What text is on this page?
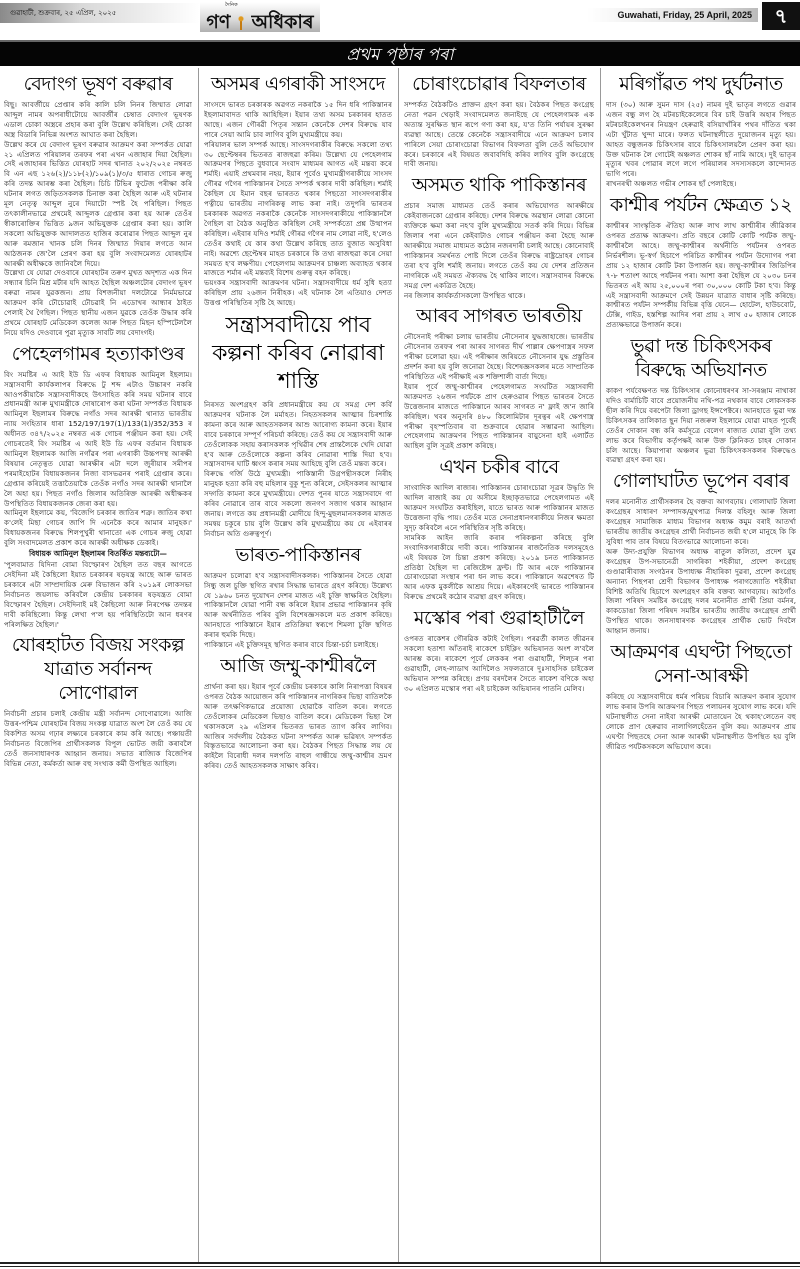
গুৱাহাটী, শুক্ৰবাৰ, ২৫ এপ্ৰিল, ২০২৫
দৈনিক
গণ অধিকাৰ	Guwahati, Friday, 25 April, 2025	৭
প্ৰথম পৃষ্ঠাৰ পৰা
বেদাংগ ভূষণ বৰুৱাৰ

বিছু। আবৰ্জীয়ে প্ৰেপ্তাৰ কৰি কালি চলি নিনৰ জিম্মাত লোৱা আব্দুল নামৰ অপৰাধীটোয়ে আবৰ্জীৰ চেম্বাত বেদাংগ ভূষণক এডাল চোকা অস্ত্ৰৰে প্ৰহাৰ কৰা বুলি উল্লেখ কৰিছিল। সেই চোকা অস্ত্ৰ বিডাৰি নিভিন্ন অংশত আঘাত কৰা হৈছিল।

উল্লেখ কৰে যে বেদাংগ ভূষণ বৰুৱাৰ আক্ৰমণ কৰা সম্পৰ্কত যোৱা ২১ এপ্ৰিলত পৰিয়ালৰ তৰফৰ পৰা এখন এজাহাৰ দিয়া হৈছিল। সেই এজাহাৰৰ ভিত্তিত যোৰহাট সদৰ থানাত ২০২/২০২৫ নম্বৰত বি এন এছ ১২৬(২)/১১৮(২)/১০৯(১)/৩/৫ ধাৰাত গোচৰ ৰুজু কৰি তদন্ত আৰম্ভ কৰা হৈছিল। চিচি টিভিৰ ফুটেজ পৰীক্ষা কৰি ঘটনাৰ লগত জড়িতসকলক চিনাক্ত কৰা হৈছিল আৰু এই ঘটনাৰ মূল নেতৃত্ব আব্দুল নুৰে দিয়াটো স্পষ্ট হৈ পৰিছিল। পিছত তৎকালীনভাৱে প্ৰথমেই আব্দুলক গ্ৰেপ্তাৰ কৰা হয় আৰু তেওঁৰ স্বীকাৰোক্তিৰ ভিত্তিত ৯জন অভিযুক্তক গ্ৰেপ্তাৰ কৰা হয়। কালি সকলো অভিযুক্তক আদালতত হাজিৰ কৰোৱাৰ পিছত আব্দুল নুৰ আৰু ৰমজান খানক চলি দিনৰ জিম্মাত দিয়াৰ লগতে আন আঠজনক জে'লৈ প্ৰেৰণ কৰা হয় বুলি সংবাদমেলত যোৰহাটৰ আৰক্ষী অধীক্ষকে জানিবলৈ দিয়ে।

উল্লেখ্য যে যোৱা দেওবাৰে যোৰহাটৰ তৰুণ মুখত অদৃশ্যত এক দিন সন্ধ্যাৰ চিনি মিশ্ৰ মৰ্টাৰ যদি আহত হৈছিল অঞ্চলটোৰ বেদাংগ ভূষণ বৰুৱা নামৰ যুৱকজন। প্ৰায় বিশজনীয়া দলটোৱে নিৰ্মমভাৱে আক্ৰমণ কৰি ঢৌচোৱাই ঢৌচৱাই নি এডোখৰ আন্ধাৰ ঠাইত পেলাই থৈ গৈছিল। পিছত স্থানীয় এজন যুৱকে তেওঁক উদ্ধাৰ কৰি প্ৰথমে যোৰহাট মেডিকেল কলেজ আৰু পিছত মিছন হস্পিটেললৈ নিয়ে যদিও দেওবাৰে পুৱা মৃত্যুক সাবটি লয় বেদাংগই।

পেহেলগামৰ হত্যাকাণ্ডৰ

বিং সমষ্টিৰ এ আই ইউ ডি এফৰ বিধায়ক আমিনুল ইছলাম। সন্ত্ৰাসবাদী কাৰ্যকলাপৰ বিৰুদ্ধে টু শব্দ এটাও উচ্চাৰণ নকৰি আওপকীয়াকৈ সন্ত্ৰাসবাদীকহে উৎসাহিত কৰি সময় ঘটনাৰ বাবে প্ৰধানমন্ত্ৰী আৰু মুখ্যমন্ত্ৰীকে দোষাৰোপ কৰা ঘটনা সম্পৰ্কত বিধায়ক আমিনুল ইছলামৰ বিৰুদ্ধে নগাঁও সদৰ আৰক্ষী থানাত ভাৰতীয় ন্যায় সংহিতাৰ ধাৰা 152/197/197(1)/133(1)/352/353 ৰ অধীনত ৩৪৭/২০২৫ নম্বৰত এক গোচৰ পঞ্জীয়ন কৰা হয়। সেই গোচৰতেই বিং সমষ্টিৰ এ আই ইউ ডি এফৰ বৰ্তমান বিধায়ক আমিনুল ইছলামক আজি নগাঁৱৰ পৰা এগৰাকী উচ্চপদস্থ আৰক্ষী বিষয়াৰ নেতৃত্বত যোৱা আৰক্ষীৰ এটা দলে জুৰীয়াৰ সমীপৰ পৰমাইহোটৰ বিধায়কজনৰ নিজা বাসভৱনৰ পৰাই গ্ৰেপ্তাৰ কৰে। গ্ৰেপ্তাৰ কৰিয়েই তত্তাতৈয়াকৈ তেওঁক নগাঁও সদৰ আৰক্ষী থানালৈ লৈ অহা হয়। পিছত নগাঁও জিলাৰ অতিৰিক্ত আৰক্ষী অধীক্ষকৰ উপস্থিতিত বিধায়কজনক জেৰা কৰা হয়।

আমিনুল ইছলামে কয়, 'বিজেপি চৰকাৰ জাতিৰ শত্ৰু। জাতিৰ কথা ক'লেই মিছা গোচৰ জাপি দি এনেকৈ কৰে আমাৰ মানুহক।' বিধায়কজনৰ বিৰুদ্ধে শিলপুখুৰী থানাতো এক গোচৰ ৰুজু হোৱা বুলি সংবাদমেলত প্ৰকাশ কৰে আৰক্ষী অধীক্ষক ডেকাই।

বিধায়ক আমিনুল ইছলামৰ বিতৰ্কিত মন্তব্যটো—

'পুলবামাত যিদিনা বোমা বিস্ফোৰণ হৈছিল তত বছৰ আগতে সেইদিনা মই কৈছিলো ইয়াত চৰকাৰৰ ষড়যন্ত্ৰ আছে আৰু ভাৰত চৰকাৰে এটা সাম্প্ৰদায়িক মেৰু বিভাজন কৰি ২০১৯ৰ লোকসভা নিৰ্বাচনত জয়লাভ কৰিবলৈ কেন্দ্ৰীয় চৰকাৰৰ ষড়যন্ত্ৰত বোমা বিস্ফোৰণ হৈছিল। সেইদিনাই মই কৈছিলো আৰু নিৰপেক্ষ তদন্তৰ দাবী কৰিছিলো। কিন্তু লেখা প'ল হয় পৰিস্থিতিটো আন ধৰণৰ পৰিলক্ষিত হৈছিল।'

যোৰহাটত বিজয় সংকল্প যাত্ৰাত সৰ্বানন্দ সোণোৱাল

নিৰ্বাচনী প্ৰচাৰ চলাই কেন্দ্ৰীয় মন্ত্ৰী সৰ্বানন্দ সোণোৱালে। আজি উত্তৰ-পশ্চিম যোৰহাটৰ বিজয় সংকল্প যাত্ৰাত অংশ লৈ তেওঁ কয় যে বিকশিত অসম গঢ়াৰ লক্ষ্যৰে চৰকাৰে কাম কৰি আছে। পঞ্চায়তী নিৰ্বাচনত বিজেপিৰ প্ৰাৰ্থীসকলক বিপুল ভোটত জয়ী কৰাবলৈ তেওঁ জনসাধাৰণক আহ্বান জনায়। সভাত ৰাজ্যিক বিজেপিৰ বিভিন্ন নেতা, কৰ্মকৰ্তা আৰু বহু সংখ্যক কৰ্মী উপস্থিত আছিল।

অসমৰ এগৰাকী সাংসদে

সাংসদে ভাৰত চৰকাৰক অৱগত নকৰাকৈ ১৫ দিন ধৰি পাকিস্তানৰ ইছলামাবাদত থাকি আহিছিল। ইয়াৰ তথ্য অসম চৰকাৰৰ হাতত আছে। এজন গৌৰৱী পিতৃৰ সন্তান কেনেকৈ দেশৰ বিৰুদ্ধে যাব পাৰে সেয়া আমি চাব লাগিব বুলি মুখ্যমন্ত্ৰীয়ে কয়।

পৰিয়ালৰ ভাল সম্পৰ্ক আছে। সাংসদগৰাকীৰ বিৰুদ্ধে সকলো তথ্য ৩০ ছেপ্টেম্বৰৰ ভিতৰত ৰাজহুৱা কৰিম। উল্লেখ্য যে পেহেলগাম আক্ৰমণৰ পিছতে বুধবাৰে সংবাদ মাধ্যমৰ আগত এই মন্তব্য কৰে শৰ্মাই। এয়াই প্ৰথমবাৰ নহয়, ইয়াৰ পূৰ্বেও মুখ্যমন্ত্ৰীগৰাকীয়ে সাংসদ গৌৰৱ গগৈৰ পাকিস্তানৰ সৈতে সম্পৰ্ক থকাৰ দাবী কৰিছিল। শৰ্মাই কৈছিল যে ইমান বছৰ ভাৰতত থকাৰ পিছতো সাংসদগৰাকীৰ পত্নীয়ে ভাৰতীয় নাগৰিকত্ব লাভ কৰা নাই। তদুপৰি ভাৰতৰ চৰকাৰক অৱগত নকৰাকৈ কেনেকৈ সাংসদগৰাকীয়ে পাকিস্তানলৈ গৈছিল বা বৈঠক অনুষ্ঠিত কৰিছিল সেই সম্পৰ্কতো প্ৰশ্ন উত্থাপন কৰিছিল। এইবাৰ যদিও শৰ্মাই গৌৰৱ গগৈৰ নাম লোৱা নাই, হ'লেও তেওঁৰ কথাই যে কাৰ কথা উল্লেখ কৰিছে তাত বুজাত অসুবিধা নাই। অৱশ্যে ছেপ্টেম্বৰ মাহত চৰকাৰে কি তথ্য ৰাজহুৱা কৰে সেয়া সময়ত হ'ব লক্ষণীয়। পেহেলগাম আক্ৰমণৰ চাঞ্চল্য অব্যাহত থকাৰ মাজতে শৰ্মাৰ এই মন্তব্যই বিশেষ গুৰুত্ব বহন কৰিছে।

ভয়ংকৰ সন্ত্ৰাসবাদী আক্ৰমণৰ ঘটনা। সন্ত্ৰাসবাদীয়ে ধৰ্ম সুধি হত্যা কৰিছিল প্ৰায় ২৬জন নিৰীহক। এই ঘটনাক লৈ এতিয়াও দেশত উত্তপ্ত পৰিস্থিতিৰ সৃষ্টি হৈ আছে।

সন্ত্ৰাসবাদীয়ে পাব কল্পনা কৰিব নোৱাৰা শাস্তি

নিৰসত অংশগ্ৰহণ কৰি প্ৰধানমন্ত্ৰীয়ে কয় যে সমগ্ৰ দেশ কৰ্বি আক্ৰমণৰ ঘটনাক লৈ মৰ্মাহত। নিহতসকলৰ আত্মাৰ চিৰশান্তি কামনা কৰে আৰু আহতসকলৰ আশু আৰোগ্য কামনা কৰে। ইয়াৰ বাবে চৰকাৰে সম্পূৰ্ণ পৰিচৰ্যা কৰিছে। তেওঁ কয় যে সন্ত্ৰাসবাদী আৰু তেওঁলোকক সহায় কৰাসকলক পৃথিৱীৰ শেষ প্ৰান্তলৈকে খেদি যোৱা হ'ব আৰু তেওঁলোকে কল্পনা কৰিব নোৱাৰা শাস্তি দিয়া হ'ব। সন্ত্ৰাসবাদৰ ঘাটি ধ্বংস কৰাৰ সময় আহিছে বুলি তেওঁ মন্তব্য কৰে।

বিৰুদ্ধে গৰ্জি উঠে মুখ্যমন্ত্ৰী। পাকিস্তানী উগ্ৰপন্থীসকলে নিৰীহ মানুহক হত্যা কৰি বহু মহিলাৰ বুকু শূন্য কৰিলে, সেইসকলৰ আত্মাৰ সদ্গতি কামনা কৰে মুখ্যমন্ত্ৰীয়ে। দেশত পুনৰ যাতে সন্ত্ৰাসবাদে গা কৰিব নোৱাৰে তাৰ বাবে সকলো জনগণ সজাগ থকাৰ আহ্বান জনায়। লগতে কয় প্ৰধানমন্ত্ৰী মোদীয়ে হিন্দু-মুছলমানসকলৰ মাজত সমন্বয় চকুৰে চায় বুলি উল্লেখ কৰি মুখ্যমন্ত্ৰীয়ে কয় যে এইবাৰৰ নিৰ্বাচন অতি গুৰুত্বপূৰ্ণ।

ভাৰত-পাকিস্তানৰ

আক্ৰমণ চলোৱা হ'ব সন্ত্ৰাসবাদীসকলক। পাকিস্তানৰ সৈতে হোৱা সিন্ধু জল চুক্তি স্থগিত ৰখাৰ সিদ্ধান্ত ভাৰতে গ্ৰহণ কৰিছে। উল্লেখ্য যে ১৯৬০ চনত দুয়োখন দেশৰ মাজত এই চুক্তি স্বাক্ষৰিত হৈছিল। পাকিস্তানলৈ যোৱা পানী বন্ধ কৰিলে ইয়াৰ প্ৰভাৱ পাকিস্তানৰ কৃষি আৰু অৰ্থনীতিত পৰিব বুলি বিশেষজ্ঞসকলে মত প্ৰকাশ কৰিছে। আনহাতে পাকিস্তানে ইয়াৰ প্ৰতিক্ৰিয়া স্বৰূপে শিমলা চুক্তি স্থগিত কৰাৰ হুমকি দিছে।

পাকিস্তানে এই চুক্তিসমূহ স্থগিত কৰাৰ বাবে চিন্তা-চৰ্চা চলাইছে।

আজি জম্মু-কাশ্মীৰলৈ

প্ৰাৰ্থনা কৰা হয়। ইয়াৰ পূৰ্বে কেন্দ্ৰীয় চৰকাৰে কালি নিৰাপত্তা বিষয়ৰ ওপৰত বৈঠক আয়োজন কৰি পাকিস্তানৰ নাগৰিকৰ ভিছা বাতিলকৈ আৰু তৎক্ষণিকভাৱে প্ৰয়োজ্য হোৱাকৈ বাতিল কৰে। লগতে তেওঁলোকৰ মেডিকেল ভিছাও বাতিল কৰে। মেডিকেল ভিছা লৈ থকাসকলে ২৯ এপ্ৰিলৰ ভিতৰত ভাৰত ত্যাগ কৰিব লাগিব। আজিৰ সৰ্বদলীয় বৈঠকত ঘটনা সম্পৰ্কত আৰু ভৱিষ্যৎ সম্পৰ্কত বিস্তৃতভাৱে আলোচনা কৰা হয়। বৈঠকৰ পিছত সিদ্ধান্ত লয় যে কাইলৈ বিৰোধী দলৰ দলপতি ৰাহুল গান্ধীয়ে জম্মু-কাশ্মীৰ ভ্ৰমণ কৰিব। তেওঁ আহতসকলক সাক্ষাৎ কৰিব।

চোৰাংচোৱাৰ বিফলতাৰ

সম্পৰ্কত বৈঠকটিও প্ৰাক্তন গ্ৰহণ কৰা হয়। বৈঠকৰ পিছত কংগ্ৰেছ নেতা পৱন খেড়াই সংবাদমেলত জনাইছে যে পেহেলগামক এক অত্যন্ত সুৰক্ষিত স্থান ৰূপে গণ্য কৰা হয়, য'ত তিনি পৰ্যায়ৰ সুৰক্ষা ব্যৱস্থা আছে। তেন্তে কেনেকৈ সন্ত্ৰাসবাদীয়ে এনে আক্ৰমণ চলাব পাৰিলে সেয়া চোৰাংচোৱা বিভাগৰ বিফলতা বুলি তেওঁ অভিযোগ কৰে। চৰকাৰে এই বিষয়ত জবাবদিহি কৰিব লাগিব বুলি কংগ্ৰেছে দাবী জনায়।

অসমত থাকি পাকিস্তানৰ

প্ৰচাৰ সমাজ মাধ্যমত তেওঁ কৰাৰ অভিযোগত আৰক্ষীয়ে কেইবাজনকো গ্ৰেপ্তাৰ কৰিছে। দেশৰ বিৰুদ্ধে অৱস্থান লোৱা কোনো ব্যক্তিকে ক্ষমা কৰা নহ'ব বুলি মুখ্যমন্ত্ৰীয়ে সতৰ্ক কৰি দিয়ে। বিভিন্ন জিলাৰ পৰা এনে কেইবাটাও গোচৰ পঞ্জীয়ন কৰা হৈছে আৰু আৰক্ষীয়ে সমাজ মাধ্যমত কঠোৰ নজৰদাৰী চলাই আছে। কোনোবাই পাকিস্তানৰ সমৰ্থনত পোষ্ট দিলে তেওঁৰ বিৰুদ্ধে ৰাষ্ট্ৰদ্ৰোহৰ গোচৰ তৰা হ'ব বুলি শৰ্মাই জনায়। লগতে তেওঁ কয় যে দেশৰ প্ৰতিজন নাগৰিকে এই সময়ত ঐক্যবদ্ধ হৈ থাকিব লাগে। সন্ত্ৰাসবাদৰ বিৰুদ্ধে সমগ্ৰ দেশ একত্ৰিত হৈছে।

নৰ জিলাৰ কাৰ্যকৰ্তাসকলো উপস্থিত থাকে।

আৰব সাগৰত ভাৰতীয়

নৌসেনাই পৰীক্ষা চলায় ভাৰতীয় নৌসেনাৰ যুদ্ধজাহাজে। ভাৰতীয় নৌসেনাৰ তৰফৰ পৰা আৰব সাগৰত দীৰ্ঘ পাল্লাৰ ক্ষেপণাস্ত্ৰৰ সফল পৰীক্ষা চলোৱা হয়। এই পৰীক্ষাৰ জৰিয়তে নৌসেনাৰ যুদ্ধ প্ৰস্তুতিৰ প্ৰদৰ্শন কৰা হয় বুলি জনোৱা হৈছে। বিশেষজ্ঞসকলৰ মতে সাম্প্ৰতিক পৰিস্থিতিত এই পৰীক্ষাই এক শক্তিশালী বাৰ্তা দিছে।

ইয়াৰ পূৰ্বে জম্মু-কাশ্মীৰৰ পেহেলগামত সংঘটিত সন্ত্ৰাসবাদী আক্ৰমণত ২৬জন পৰ্যটকে প্ৰাণ হেৰুওৱাৰ পিছত ভাৰতৰ সৈতে উত্তেজনাৰ মাজতে পাকিস্তানে আৰব সাগৰত ন' ফ্লাই জ'ন জাৰি কৰিছিল। খবৰ অনুসৰি ৪৮০ কিলোমিটাৰ দূৰত্বৰ এই ক্ষেপণাস্ত্ৰ পৰীক্ষা বৃহস্পতিবাৰ বা শুক্ৰবাৰে হোৱাৰ সম্ভাৱনা আছিল। পেহেলগাম আক্ৰমণৰ পিছত পাকিস্তানৰ বায়ুসেনা হাই এলাৰ্টত আছিল বুলি সূত্ৰই প্ৰকাশ কৰিছে।

এখন চকীৰ বাবে

সাংবাদিক আদিল ৰাজাৰ। পাকিস্তানৰ চোৰাংচোৱা সূত্ৰৰ উদ্ধৃতি দি আদিল ৰাজাই কয় যে অসীমে ইচ্ছাকৃতভাৱে পেহেলগামত এই আক্ৰমণ সংঘটিত কৰাইছিল, যাতে ভাৰত আৰু পাকিস্তানৰ মাজত উত্তেজনা বৃদ্ধি পায়। তেওঁৰ মতে সেনাপ্ৰধানগৰাকীয়ে নিজৰ ক্ষমতা সুদৃঢ় কৰিবলৈ এনে পৰিস্থিতিৰ সৃষ্টি কৰিছে।

সামৰিক আইন জাৰি কৰাৰ পৰিকল্পনা কৰিছে বুলি সংবাদিকগৰাকীয়ে দাবী কৰে। পাকিস্তানৰ ৰাজনৈতিক দলসমূহেও এই বিষয়ক লৈ চিন্তা প্ৰকাশ কৰিছে। ২০১৯ চনত পাকিস্তানত প্ৰতিষ্ঠা হৈছিল দা ৰেজিষ্টেন্স ফ্ৰন্ট। টি আৰ এফে পাকিস্তানৰ চোৰাংচোৱা সংস্থাৰ পৰা ধন লাভ কৰে। পাকিস্তানে অৱশেষত টি আৰ এফক মুকলীকৈ আশ্ৰয় দিয়ে। এইকাৰণেই ভাৰতে পাকিস্তানৰ বিৰুদ্ধে প্ৰথমেই কঠোৰ ব্যৱস্থা গ্ৰহণ কৰিছে।

মস্কোৰ পৰা গুৱাহাটীলৈ

ওপৰত ৰাকেশৰ গৌৰৱিক কটাই গৈছিল। পৰৱৰ্তী কালত জীৱনৰ সকলো হতাশা আঁতৰাই ৰাকেশে চাইক্লিং অভিযানত অংশ ল'বলৈ আৰম্ভ কৰে। ৰাকেশে পূৰ্বে লেককৰ পৰা গুৱাহাটী, শিল্চৰ পৰা গুৱাহাটী, লেহ-লাডাখ আদিলৈও সফলতাৰে দুঃসাহসিক চাইকেল অভিযান সম্পন্ন কৰিছে। প্ৰণয় বৰদলৈৰ সৈতে ৰাকেশ বণিকে অহা ৩০ এপ্ৰিলত মস্কোৰ পৰা এই চাইকেল অভিযানৰ পাতনি মেলিব।

মৰিগাঁৱত পথ দুৰ্ঘটনাত

দাস (৩০) আৰু সুমন দাস (২৫) নামৰ দুই ভাতৃৰ লগতে গুৱাৰ এজন বন্ধু লগ হৈ মটৰচাইকেলেৰে বিৰ চাই উত্তৰি অহাৰ পিছত মটৰচাইকেলখনৰ নিয়ন্ত্ৰণ হেৰুৱাই বসিয়াখাঁৰিৰ পথৰ দাঁতিত থকা এটা খুঁটাত খুন্দা মাৰে। ফলত ঘটনাস্থলীতে দুয়োজনৰ মৃত্যু হয়। আহত বন্ধুজনক চিকিৎসাৰ বাবে চিকিৎসালয়লৈ প্ৰেৰণ কৰা হয়। উক্ত ঘটনাক লৈ গোটেই অঞ্চলত শোকৰ ছাঁ নামি আহে। দুই ভাতৃৰ মৃত্যুৰ খবৰ পোৱাৰ লগে লগে পৰিয়ালৰ সদস্যসকলে কান্দোনত ভাগি পৰে।

ৰাখনৰথী অঞ্চলত গভীৰ শোকৰ ছাঁ পেলাইছে।

কাশ্মীৰ পৰ্যটন ক্ষেত্ৰত ১২

কাশ্মীৰৰ সাংস্কৃতিক ঐতিহ্য আৰু লাখ লাখ কাশ্মীৰীৰ জীৱিকাৰ ওপৰত প্ৰত্যক্ষ আক্ৰমণ। প্ৰতি বছৰে কোটি কোটি পৰ্যটক জম্মু-কাশ্মীৰলৈ আহে। জম্মু-কাশ্মীৰৰ অৰ্থনীতি পৰ্যটনৰ ওপৰত নিৰ্ভৰশীল। ভূ-স্বৰ্গ হিচাপে পৰিচিত কাশ্মীৰৰ পৰ্যটন উদ্যোগৰ পৰা প্ৰায় ১২ হাজাৰ কোটি টকা উপাৰ্জন হয়। জম্মু-কাশ্মীৰৰ জিডিপিৰ ৭-৮ শতাংশ আহে পৰ্যটনৰ পৰা। আশা কৰা হৈছিল যে ২০৩০ চনৰ ভিতৰত এই আয় ২৫,০০০ৰ পৰা ৩০,০০০ কোটি টকা হ'ব। কিন্তু এই সন্ত্ৰাসবাদী আক্ৰমণে সেই উন্নয়ন যাত্ৰাত বাধাৰ সৃষ্টি কৰিছে। কাশ্মীৰত পৰ্যটন সম্পৰ্কীয় বিভিন্ন বৃত্তি যেনে— হোটেল, হাউচবোট, টেক্সি, গাইড, হস্তশিল্প আদিৰ পৰা প্ৰায় ২ লাখ ৫০ হাজাৰ লোকে প্ৰত্যক্ষভাৱে উপাৰ্জন কৰে।

ভুৱা দন্ত চিকিৎসকৰ বিৰুদ্ধে অভিযানত

কাকণ পৰ্যবেক্ষণত দন্ত চিকিৎসাৰ কোনোধৰণৰ সা-সৰঞ্জাম নাথাকা যদিও বাৰ্মাচিটি বাবে প্ৰয়োজনীয় নথি-পত্ৰ নথকাৰ বাবে লোকসকক ছীল কৰি দিয়ে বৰপেটা জিলা ড্ৰাগছ ইন্সপেক্টৰে। আনহাতে ভুৱা দন্ত চিকিৎসকৰ তালিকাত ছুন দিয়া নজৰুল ইছলামে যোৱা মাহত পূৰ্বেই তেওঁৰ দোকান বন্ধ কৰি কৰ্মসূত্ৰে বেলেগ ৰাজ্যত যোৱা বুলি তথ্য লাভ কৰে বিভাগীয় কৰ্তৃপক্ষই আৰু উক্ত ক্লিনিকত চাহৰ দোকান চলি আছে। কিয়াপাৰা অঞ্চলৰ ভুৱা চিকিৎসকসকলৰ বিৰুদ্ধেও ব্যৱস্থা গ্ৰহণ কৰা হয়।

গোলাঘাটত ভূপেন বৰাৰ

দলৰ মনোনীত প্ৰাৰ্থীসকলৰ হৈ বক্তব্য আগবঢ়ায়। গোলাঘাট জিলা কংগ্ৰেছৰ সাধাৰণ সম্পাদক/মুখপাত্ৰ দিলস্ত বহিলুং আৰু জিলা কংগ্ৰেছৰ সামাজিক মাধ্যম বিভাগৰ অধ্যক্ষ কমুম বৰাই আতৰ্খা ভাৰতীয় জাতীয় কংগ্ৰেছৰ প্ৰাৰ্থী নিৰ্বাচনত জয়ী হ'লে মানুহে কি কি সুবিধা পাব তাৰ বিষয়ে বিতংভাৱে আলোচনা কৰে।

অৰু উদ্য-প্ৰযুক্তি বিভাগৰ অধ্যক্ষ ৰাতুল কলিতা, প্ৰদেশ যুৱ কংগ্ৰেছৰ উপ-সভানেত্ৰী সাগৰিকা শইকীয়া, প্ৰদেশ কংগ্ৰেছ গুণ্ডাৱাৰীবাজ সংগঠনৰ উপাধ্যক্ষ নীহাৰিকা দুৱৰা, প্ৰদেশ কংগ্ৰেছ অন্যান্য পিছপৰা শ্ৰেণী বিভাগৰ উপাধ্যক্ষ পৰাগজ্যোতি শইকীয়া বিশিষ্ট অতিথি হিচাপে অংশগ্ৰহণ কৰি বক্তব্য আগবঢ়ায়। আঠগাঁও জিলা পৰিষদ সমষ্টিৰ কংগ্ৰেছ দলৰ মনোনীত প্ৰাৰ্থী প্ৰিয়া বৰ্মনৰ, কাকডোঙা জিলা পৰিষদ সমষ্টিৰ ভাৰতীয় জাতীয় কংগ্ৰেছৰ প্ৰাৰ্থী উপস্থিত থাকে। জনসাধাৰণক কংগ্ৰেছৰ প্ৰাৰ্থীক ভোট দিবলৈ আহ্বান জনায়।

আক্ৰমণৰ এঘণ্টা পিছতো সেনা-আৰক্ষী

কৰিছে যে সন্ত্ৰাসবাদীয়ে ধৰ্মৰ পৰিচয় বিচাৰি আক্ৰমণ কৰাৰ সুযোগ লাভ কৰাৰ উপৰি আক্ৰমণৰ পিছত পলায়নৰ সুযোগ লাভ কৰে। যদি ঘটনাস্থলীত সেনা নাইবা আৰক্ষী মোতায়েন হৈ থকাহ'লেতেন বহু লোকে প্ৰাণ হেৰুৱাব নালাগিলহেঁতেন বুলি কয়। আক্ৰমণৰ প্ৰায় এঘণ্টা পিছতহে সেনা আৰু আৰক্ষী ঘটনাস্থলীত উপস্থিত হয় বুলি জীৱিত পৰ্যটকসকলে অভিযোগ কৰে।
